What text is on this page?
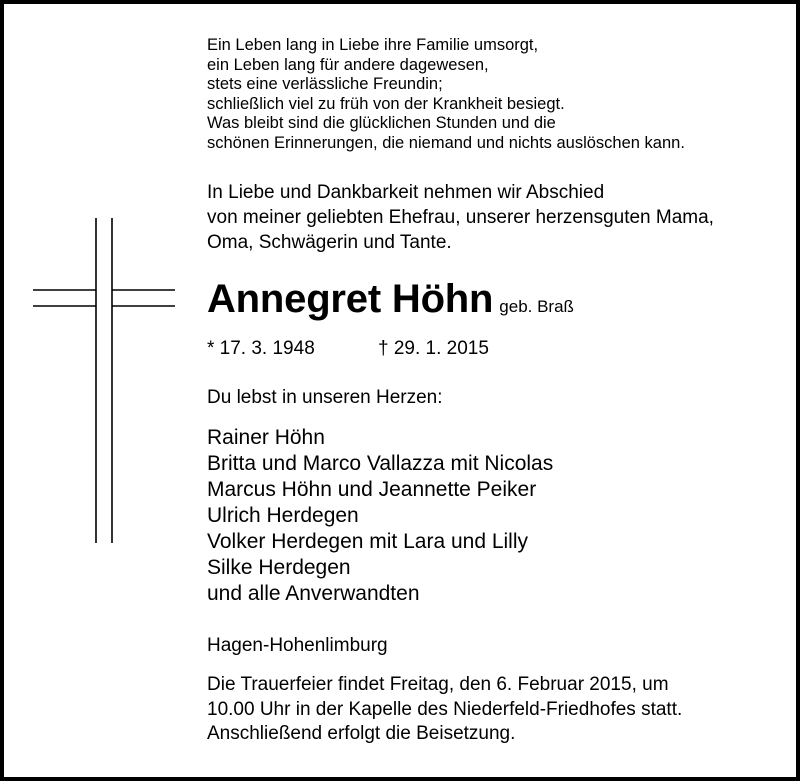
Ein Leben lang in Liebe ihre Familie umsorgt,
ein Leben lang für andere dagewesen,
stets eine verlässliche Freundin;
schließlich viel zu früh von der Krankheit besiegt.
Was bleibt sind die glücklichen Stunden und die
schönen Erinnerungen, die niemand und nichts auslöschen kann.
In Liebe und Dankbarkeit nehmen wir Abschied
von meiner geliebten Ehefrau, unserer herzensguten Mama,
Oma, Schwägerin und Tante.
Annegret Höhn geb. Braß
* 17. 3. 1948	† 29. 1. 2015
Du lebst in unseren Herzen:
Rainer Höhn
Britta und Marco Vallazza mit Nicolas
Marcus Höhn und Jeannette Peiker
Ulrich Herdegen
Volker Herdegen mit Lara und Lilly
Silke Herdegen
und alle Anverwandten
Hagen-Hohenlimburg
Die Trauerfeier findet Freitag, den 6. Februar 2015, um
10.00 Uhr in der Kapelle des Niederfeld-Friedhofes statt.
Anschließend erfolgt die Beisetzung.
